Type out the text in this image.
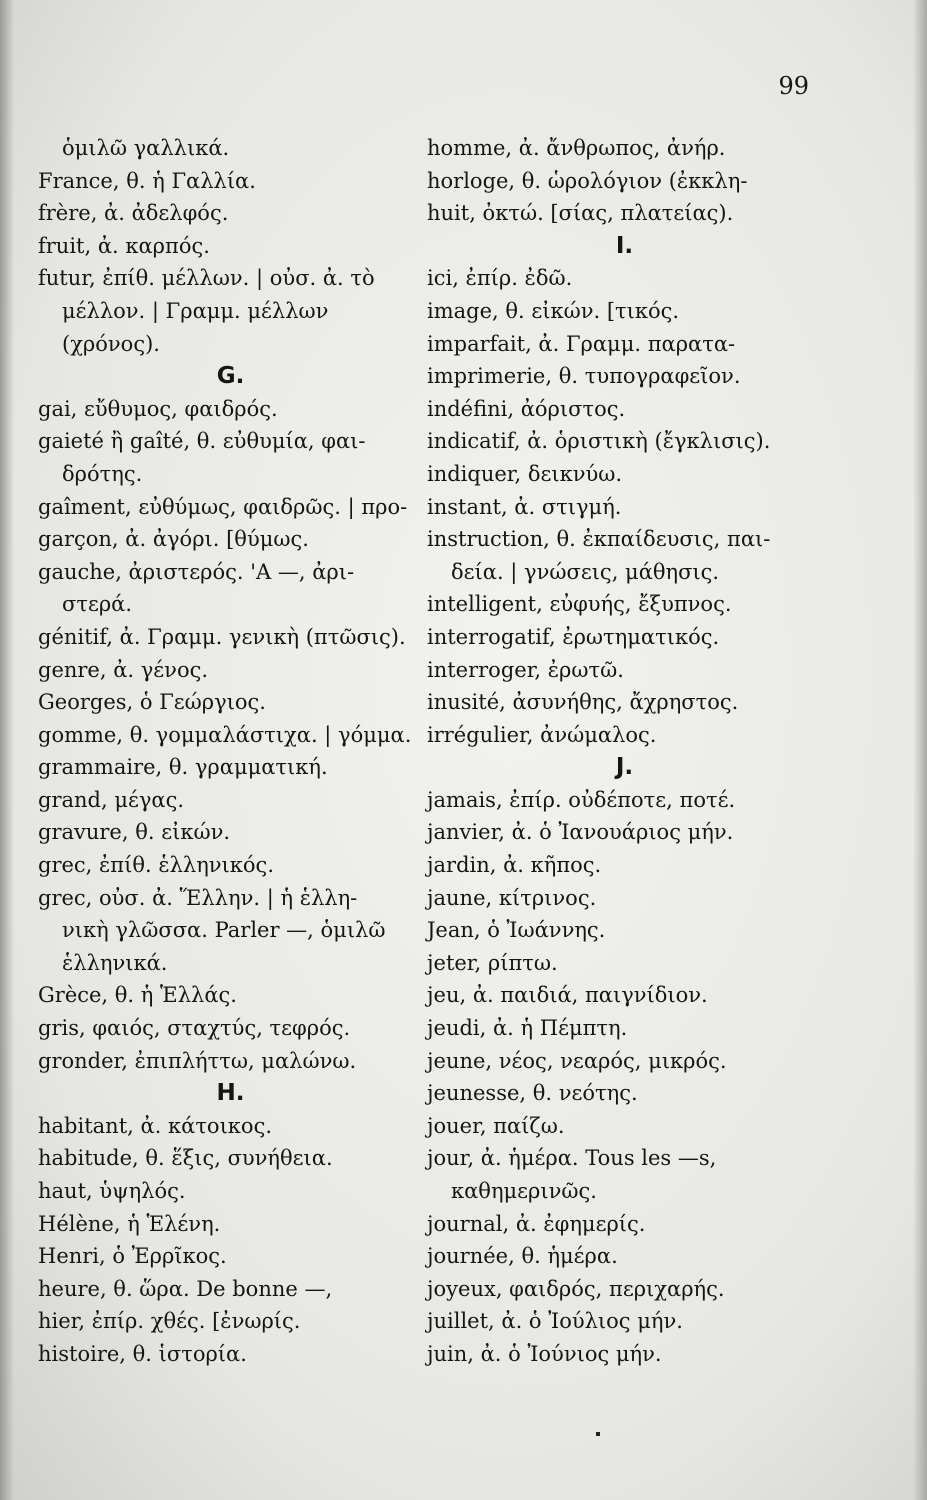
99
ὁμιλῶ γαλλικά.
France, θ. ἡ Γαλλία.
frère, ἀ. ἀδελφός.
fruit, ἀ. καρπός.
futur, ἐπίθ. μέλλων. | οὐσ. ἀ. τὸ
μέλλον. | Γραμμ. μέλλων
(χρόνος).
G.
gai, εὔθυμος, φαιδρός.
gaieté ἢ gaîté, θ. εὐθυμία, φαι-
δρότης.
gaîment, εὐθύμως, φαιδρῶς. | προ-
garçon, ἀ. ἀγόρι. [θύμως.
gauche, ἀριστερός. 'Α —, ἀρι-
στερά.
génitif, ἀ. Γραμμ. γενικὴ (πτῶσις).
genre, ἀ. γένος.
Georges, ὁ Γεώργιος.
gomme, θ. γομμαλάστιχα. | γόμμα.
grammaire, θ. γραμματική.
grand, μέγας.
gravure, θ. εἰκών.
grec, ἐπίθ. ἑλληνικός.
grec, οὐσ. ἀ. Ἕλλην. | ἡ ἑλλη-
νικὴ γλῶσσα. Parler —, ὁμιλῶ
ἑλληνικά.
Grèce, θ. ἡ Ἑλλάς.
gris, φαιός, σταχτύς, τεφρός.
gronder, ἐπιπλήττω, μαλώνω.
H.
habitant, ἀ. κάτοικος.
habitude, θ. ἕξις, συνήθεια.
haut, ὑψηλός.
Hélène, ἡ Ἑλένη.
Henri, ὁ Ἐρρῖκος.
heure, θ. ὥρα. De bonne —,
hier, ἐπίρ. χθές. [ἐνωρίς.
histoire, θ. ἱστορία.
homme, ἀ. ἄνθρωπος, ἀνήρ.
horloge, θ. ὡρολόγιον (ἐκκλη-
huit, ὀκτώ. [σίας, πλατείας).
I.
ici, ἐπίρ. ἐδῶ.
image, θ. εἰκών. [τικός.
imparfait, ἀ. Γραμμ. παρατα-
imprimerie, θ. τυπογραφεῖον.
indéfini, ἀόριστος.
indicatif, ἀ. ὁριστικὴ (ἔγκλισις).
indiquer, δεικνύω.
instant, ἀ. στιγμή.
instruction, θ. ἐκπαίδευσις, παι-
δεία. | γνώσεις, μάθησις.
intelligent, εὐφυής, ἔξυπνος.
interrogatif, ἐρωτηματικός.
interroger, ἐρωτῶ.
inusité, ἀσυνήθης, ἄχρηστος.
irrégulier, ἀνώμαλος.
J.
jamais, ἐπίρ. οὐδέποτε, ποτέ.
janvier, ἀ. ὁ Ἰανουάριος μήν.
jardin, ἀ. κῆπος.
jaune, κίτρινος.
Jean, ὁ Ἰωάννης.
jeter, ρίπτω.
jeu, ἀ. παιδιά, παιγνίδιον.
jeudi, ἀ. ἡ Πέμπτη.
jeune, νέος, νεαρός, μικρός.
jeunesse, θ. νεότης.
jouer, παίζω.
jour, ἀ. ἡμέρα. Tous les —s,
καθημερινῶς.
journal, ἀ. ἐφημερίς.
journée, θ. ἡμέρα.
joyeux, φαιδρός, περιχαρής.
juillet, ἀ. ὁ Ἰούλιος μήν.
juin, ἀ. ὁ Ἰούνιος μήν.
